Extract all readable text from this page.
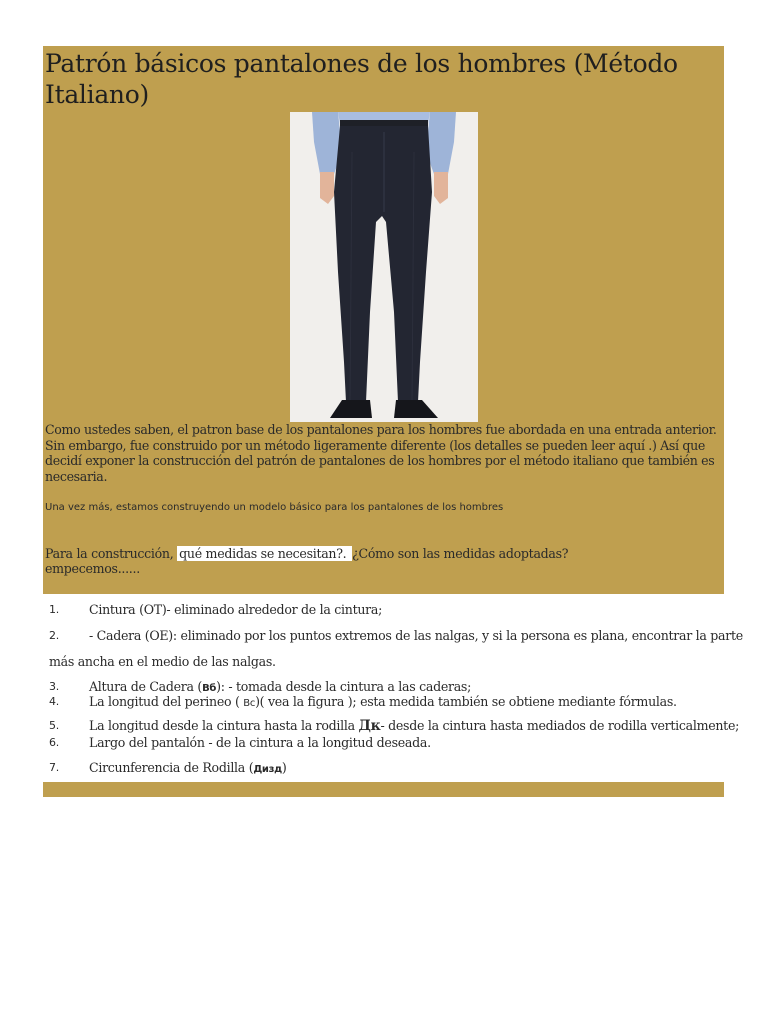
Patrón básicos pantalones de los hombres (Método Italiano)
Como ustedes saben, el patron base de los pantalones para los hombres fue abordada en una entrada anterior. Sin embargo, fue construido por un método ligeramente diferente (los detalles se pueden leer aquí .) Así que decidí exponer la construcción del patrón de pantalones de los hombres por el método italiano que también es necesaria.
Una vez más, estamos construyendo un modelo básico para los pantalones de los hombres
Para la construcción, qué medidas se necesitan?. ¿Cómo son las medidas adoptadas?
empecemos......
1.	Cintura (OT)- eliminado alrededor de la cintura;
2.	- Cadera (OE): eliminado por los puntos extremos de las nalgas, y si la persona es plana, encontrar la parte
más ancha en el medio de las nalgas.
3.	Altura de Cadera (Вб): - tomada desde la cintura a las caderas;
4.	La longitud del perineo ( Вс)( vea la figura ); esta medida también se obtiene mediante fórmulas.
5.	La longitud desde la cintura hasta la rodilla Дк- desde la cintura hasta mediados de rodilla verticalmente;
6.	Largo del pantalón - de la cintura a la longitud deseada.
7.	Circunferencia de Rodilla (Дизд)
